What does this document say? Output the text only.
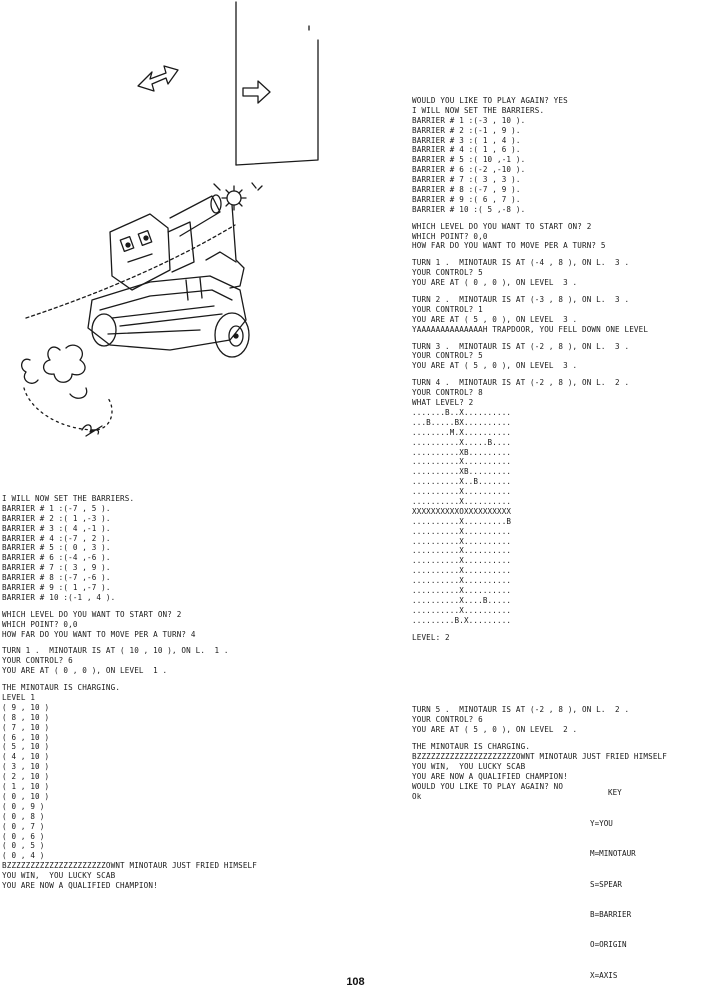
I WILL NOW SET THE BARRIERS.
BARRIER # 1 :(-7 , 5 ).
BARRIER # 2 :( 1 ,-3 ).
BARRIER # 3 :( 4 ,-1 ).
BARRIER # 4 :(-7 , 2 ).
BARRIER # 5 :( 0 , 3 ).
BARRIER # 6 :(-4 ,-6 ).
BARRIER # 7 :( 3 , 9 ).
BARRIER # 8 :(-7 ,-6 ).
BARRIER # 9 :( 1 ,-7 ).
BARRIER # 10 :(-1 , 4 ).
WHICH LEVEL DO YOU WANT TO START ON? 2
WHICH POINT? 0,0
HOW FAR DO YOU WANT TO MOVE PER A TURN? 4
TURN 1 .  MINOTAUR IS AT ( 10 , 10 ), ON L.  1 .
YOUR CONTROL? 6
YOU ARE AT ( 0 , 0 ), ON LEVEL  1 .
THE MINOTAUR IS CHARGING.
LEVEL 1
( 9 , 10 )
( 8 , 10 )
( 7 , 10 )
( 6 , 10 )
( 5 , 10 )
( 4 , 10 )
( 3 , 10 )
( 2 , 10 )
( 1 , 10 )
( 0 , 10 )
( 0 , 9 )
( 0 , 8 )
( 0 , 7 )
( 0 , 6 )
( 0 , 5 )
( 0 , 4 )
BZZZZZZZZZZZZZZZZZZZZZOWNT MINOTAUR JUST FRIED HIMSELF
YOU WIN,  YOU LUCKY SCAB
YOU ARE NOW A QUALIFIED CHAMPION!
WOULD YOU LIKE TO PLAY AGAIN? YES
I WILL NOW SET THE BARRIERS.
BARRIER # 1 :(-3 , 10 ).
BARRIER # 2 :(-1 , 9 ).
BARRIER # 3 :( 1 , 4 ).
BARRIER # 4 :( 1 , 6 ).
BARRIER # 5 :( 10 ,-1 ).
BARRIER # 6 :(-2 ,-10 ).
BARRIER # 7 :( 3 , 3 ).
BARRIER # 8 :(-7 , 9 ).
BARRIER # 9 :( 6 , 7 ).
BARRIER # 10 :( 5 ,-8 ).
WHICH LEVEL DO YOU WANT TO START ON? 2
WHICH POINT? 0,0
HOW FAR DO YOU WANT TO MOVE PER A TURN? 5
TURN 1 .  MINOTAUR IS AT (-4 , 8 ), ON L.  3 .
YOUR CONTROL? 5
YOU ARE AT ( 0 , 0 ), ON LEVEL  3 .
TURN 2 .  MINOTAUR IS AT (-3 , 8 ), ON L.  3 .
YOUR CONTROL? 1
YOU ARE AT ( 5 , 0 ), ON LEVEL  3 .
YAAAAAAAAAAAAAAH TRAPDOOR, YOU FELL DOWN ONE LEVEL
TURN 3 .  MINOTAUR IS AT (-2 , 8 ), ON L.  3 .
YOUR CONTROL? 5
YOU ARE AT ( 5 , 0 ), ON LEVEL  3 .
TURN 4 .  MINOTAUR IS AT (-2 , 8 ), ON L.  2 .
YOUR CONTROL? 8
WHAT LEVEL? 2
.......B..X..........
...B.....BX..........
........M.X..........
..........X.....B....
..........XB.........
..........X..........
..........XB.........
..........X..B.......
..........X..........
..........X..........
XXXXXXXXXXOXXXXXXXXXX
..........X.........B
..........X..........
..........X..........
..........X..........
..........X..........
..........X..........
..........X..........
..........X..........
..........X....B.....
..........X..........
.........B.X.........
LEVEL: 2
TURN 5 .  MINOTAUR IS AT (-2 , 8 ), ON L.  2 .
YOUR CONTROL? 6
YOU ARE AT ( 5 , 0 ), ON LEVEL  2 .
THE MINOTAUR IS CHARGING.
BZZZZZZZZZZZZZZZZZZZZZOWNT MINOTAUR JUST FRIED HIMSELF
YOU WIN,  YOU LUCKY SCAB
YOU ARE NOW A QUALIFIED CHAMPION!
WOULD YOU LIKE TO PLAY AGAIN? NO
Ok

	KEY

Y=YOU

M=MINOTAUR

S=SPEAR

B=BARRIER

O=ORIGIN

X=AXIS

108
